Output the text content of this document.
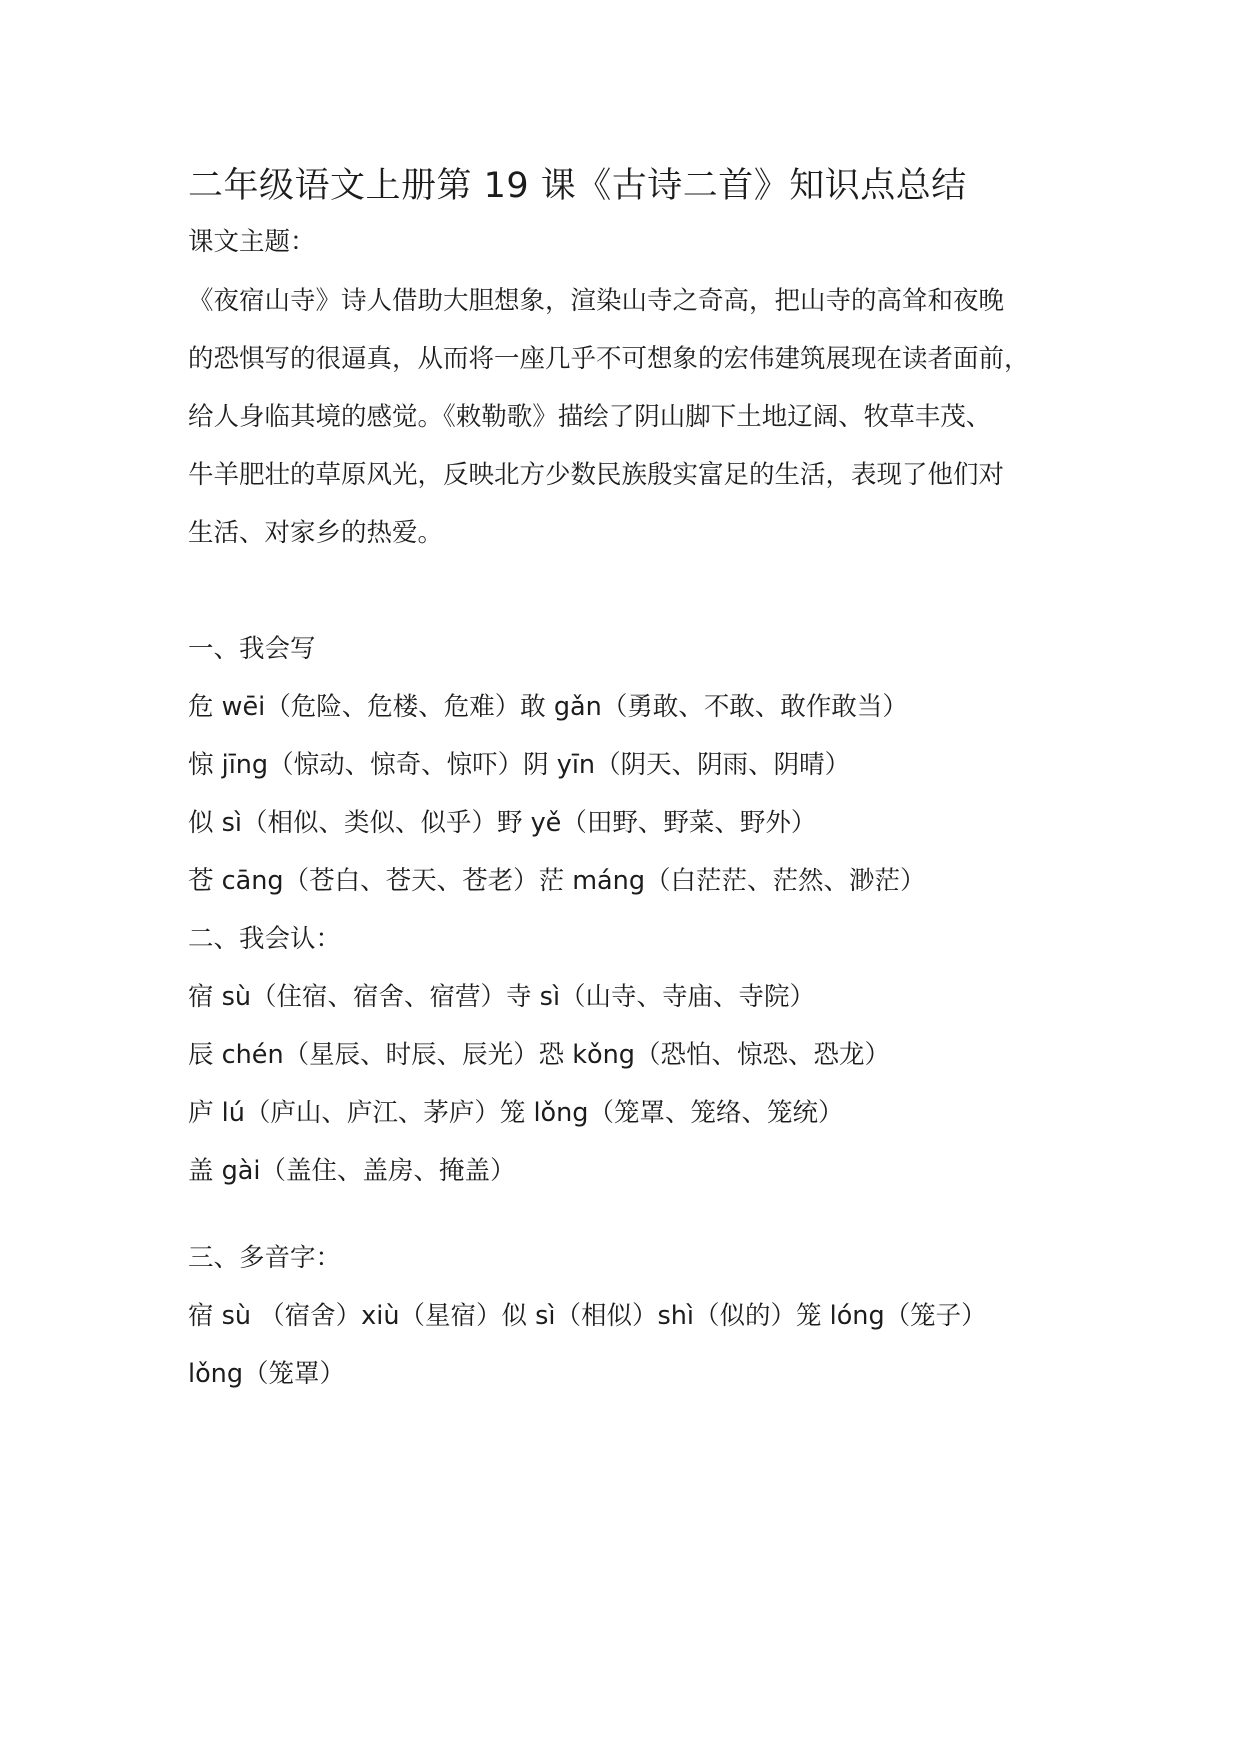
二年级语文上册第 19 课《古诗二首》知识点总结

课文主题：

《夜宿山寺》诗人借助大胆想象，渲染山寺之奇高，把山寺的高耸和夜晚

的恐惧写的很逼真，从而将一座几乎不可想象的宏伟建筑展现在读者面前，

给人身临其境的感觉。《敕勒歌》描绘了阴山脚下土地辽阔、牧草丰茂、

牛羊肥壮的草原风光，反映北方少数民族殷实富足的生活，表现了他们对

生活、对家乡的热爱。

一、我会写

危 wēi（危险、危楼、危难）敢 gǎn（勇敢、不敢、敢作敢当）

惊 jīng（惊动、惊奇、惊吓）阴 yīn（阴天、阴雨、阴晴）

似 sì（相似、类似、似乎）野 yě（田野、野菜、野外）

苍 cāng（苍白、苍天、苍老）茫 máng（白茫茫、茫然、渺茫）

二、我会认：

宿 sù（住宿、宿舍、宿营）寺 sì（山寺、寺庙、寺院）

辰 chén（星辰、时辰、辰光）恐 kǒng（恐怕、惊恐、恐龙）

庐 lú（庐山、庐江、茅庐）笼 lǒng（笼罩、笼络、笼统）

盖 gài（盖住、盖房、掩盖）

三、多音字：

宿 sù （宿舍）xiù（星宿）似 sì（相似）shì（似的）笼 lóng（笼子）

lǒng（笼罩）
